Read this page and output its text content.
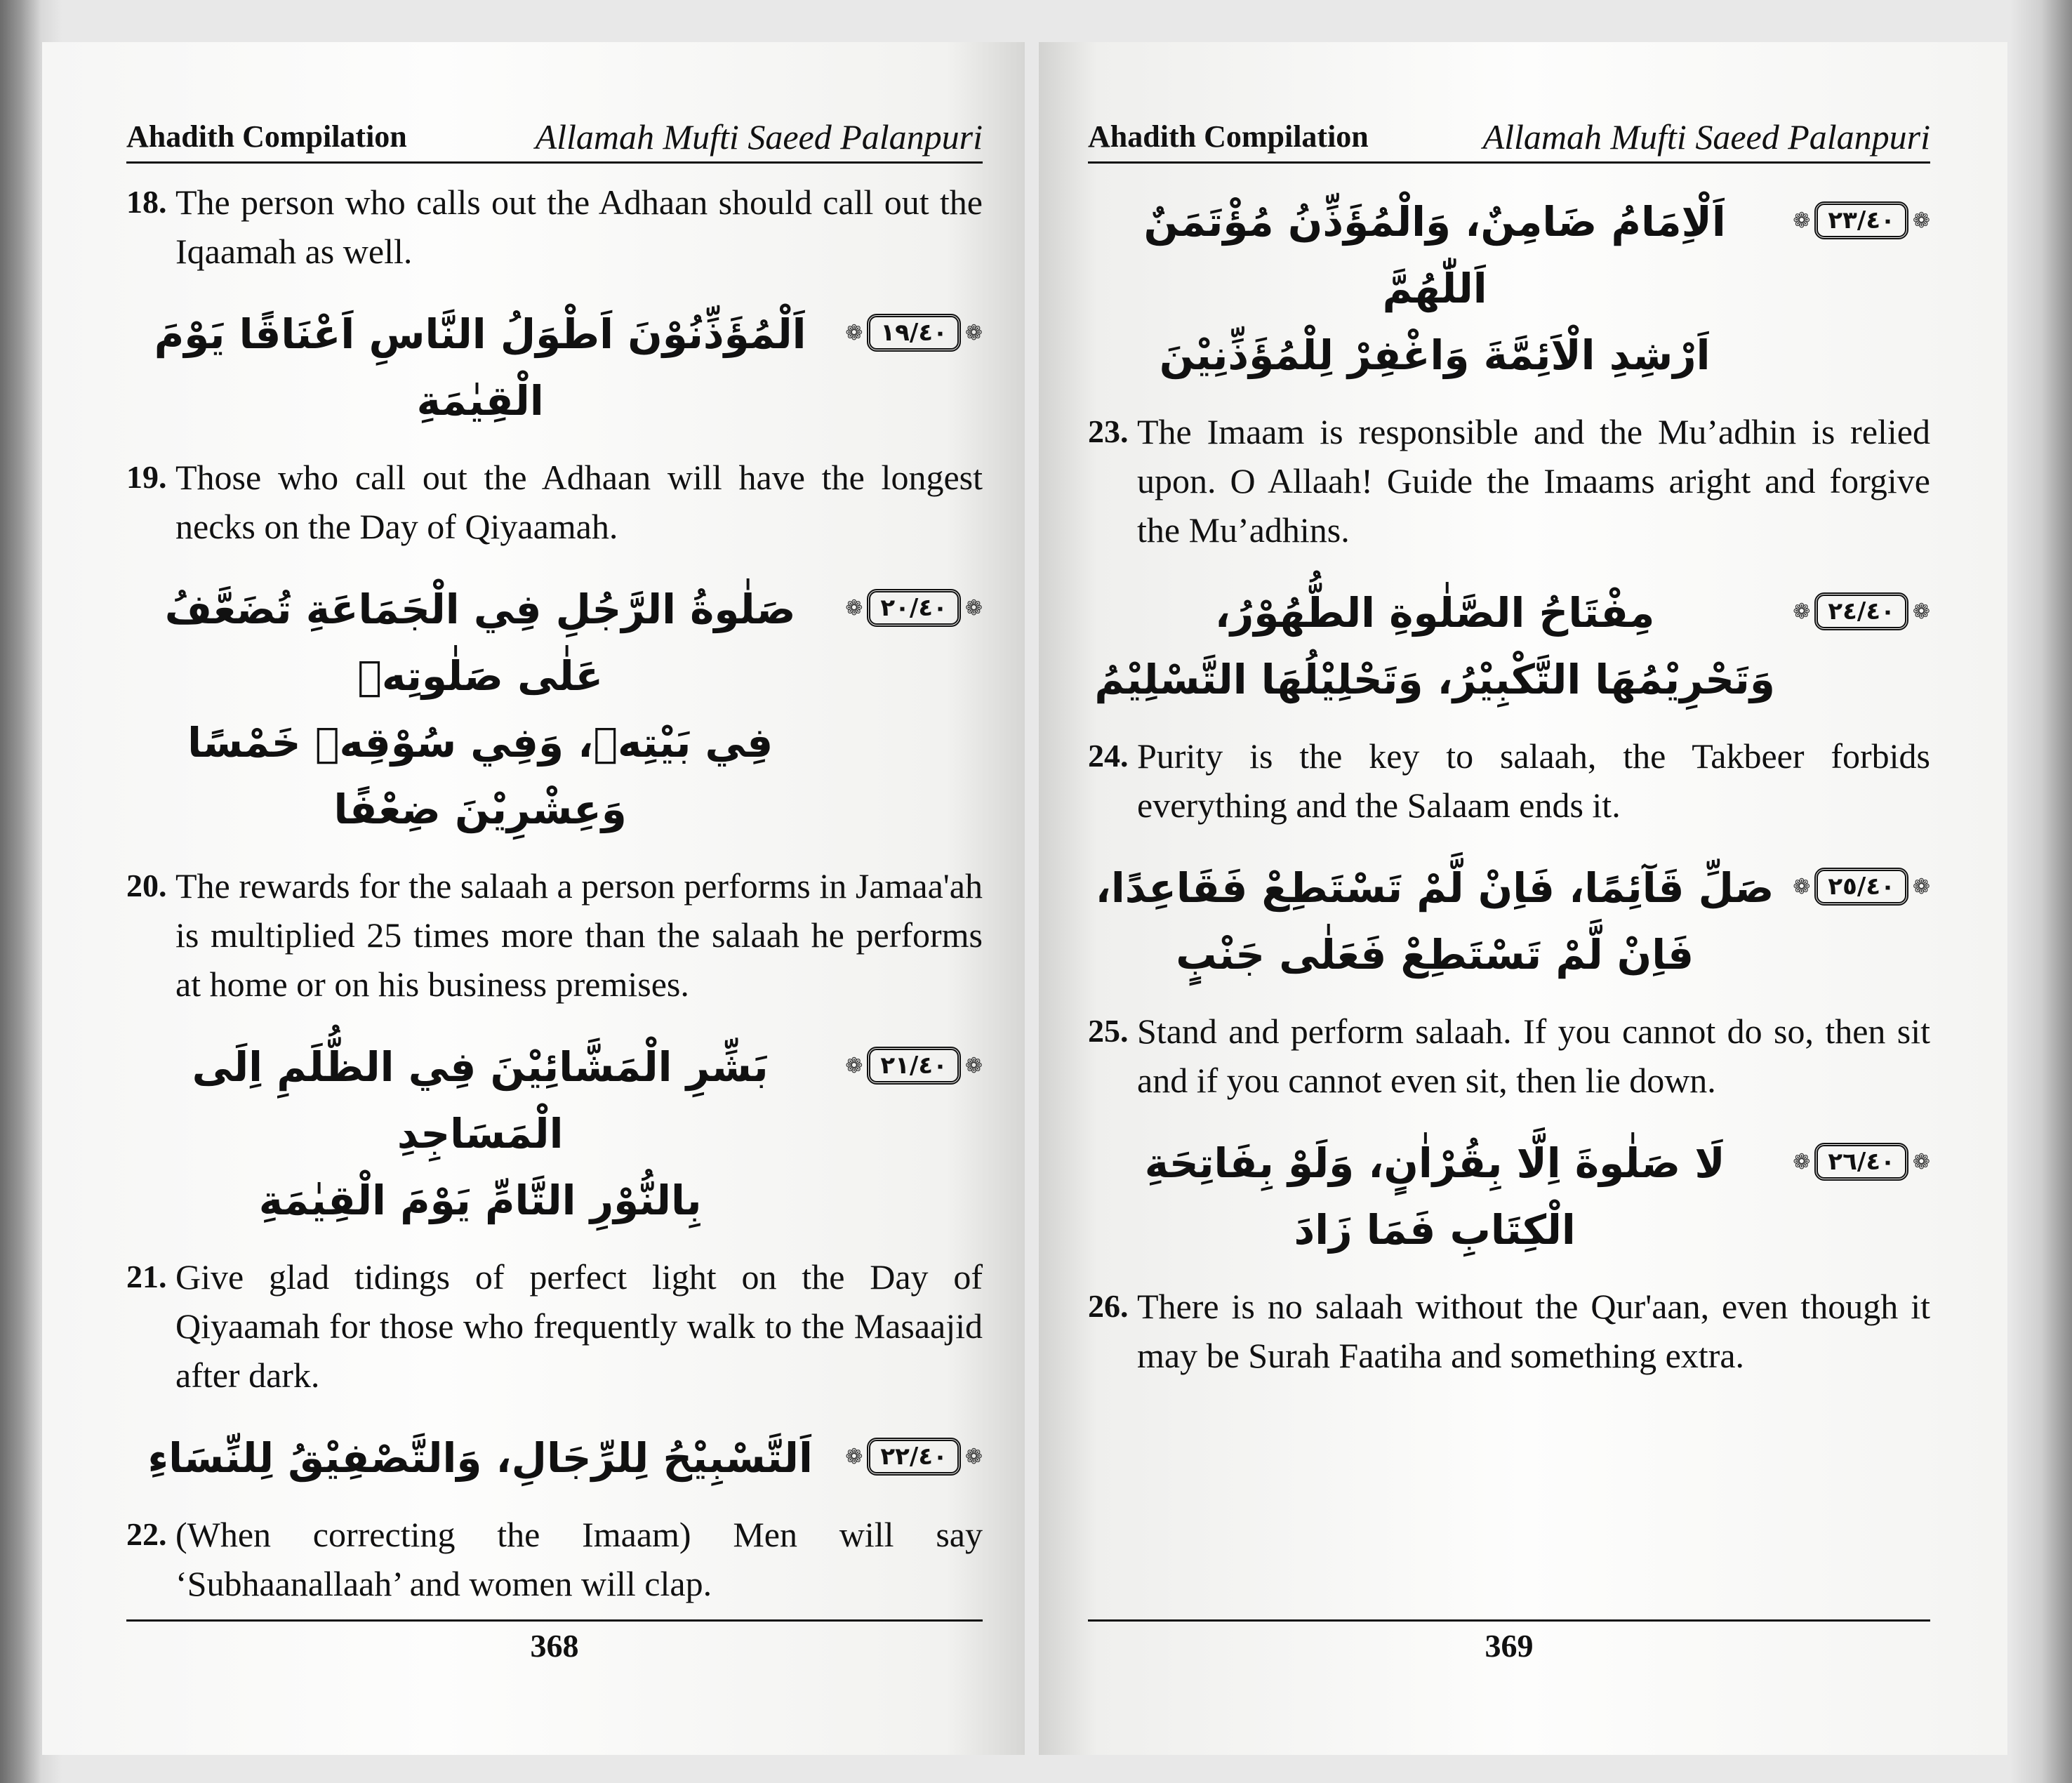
Ahadith Compilation	Allamah Mufti Saeed Palanpuri
18. The person who calls out the Adhaan should call out the Iqaamah as well.
اَلْمُؤَذِّنُوْنَ اَطْوَلُ النَّاسِ اَعْنَاقًا يَوْمَ الْقِيٰمَةِ
❁ ١٩/٤٠ ❁
19. Those who call out the Adhaan will have the longest necks on the Day of Qiyaamah.
صَلٰوةُ الرَّجُلِ فِي الْجَمَاعَةِ تُضَعَّفُ عَلٰى صَلٰوتِهٖ
فِي بَيْتِهٖ، وَفِي سُوْقِهٖ خَمْسًا وَعِشْرِيْنَ ضِعْفًا
❁ ٢٠/٤٠ ❁
20. The rewards for the salaah a person performs in Jamaa'ah is multiplied 25 times more than the salaah he performs at home or on his business premises.
بَشِّرِ الْمَشَّائِيْنَ فِي الظُّلَمِ اِلَى الْمَسَاجِدِ
بِالنُّوْرِ التَّامِّ يَوْمَ الْقِيٰمَةِ
❁ ٢١/٤٠ ❁
21. Give glad tidings of perfect light on the Day of Qiyaamah for those who frequently walk to the Masaajid after dark.
اَلتَّسْبِيْحُ لِلرِّجَالِ، وَالتَّصْفِيْقُ لِلنِّسَاءِ	❁ ٢٢/٤٠ ❁
22. (When correcting the Imaam) Men will say ‘Subhaanallaah’ and women will clap.
368
Ahadith Compilation	Allamah Mufti Saeed Palanpuri
اَلْاِمَامُ ضَامِنٌ، وَالْمُؤَذِّنُ مُؤْتَمَنٌ اَللّٰهُمَّ
اَرْشِدِ الْاَئِمَّةَ وَاغْفِرْ لِلْمُؤَذِّنِيْنَ
❁ ٢٣/٤٠ ❁
23. The Imaam is responsible and the Mu’adhin is relied upon. O Allaah! Guide the Imaams aright and forgive the Mu’adhins.
مِفْتَاحُ الصَّلٰوةِ الطُّهُوْرُ،
وَتَحْرِيْمُهَا التَّكْبِيْرُ، وَتَحْلِيْلُهَا التَّسْلِيْمُ
❁ ٢٤/٤٠ ❁
24. Purity is the key to salaah, the Takbeer forbids everything and the Salaam ends it.
صَلِّ قَآئِمًا، فَاِنْ لَّمْ تَسْتَطِعْ فَقَاعِدًا،
فَاِنْ لَّمْ تَسْتَطِعْ فَعَلٰى جَنْبٍ
❁ ٢٥/٤٠ ❁
25. Stand and perform salaah. If you cannot do so, then sit and if you cannot even sit, then lie down.
لَا صَلٰوةَ اِلَّا بِقُرْاٰنٍ، وَلَوْ بِفَاتِحَةِ الْكِتَابِ فَمَا زَادَ
❁ ٢٦/٤٠ ❁
26. There is no salaah without the Qur'aan, even though it may be Surah Faatiha and something extra.
369
